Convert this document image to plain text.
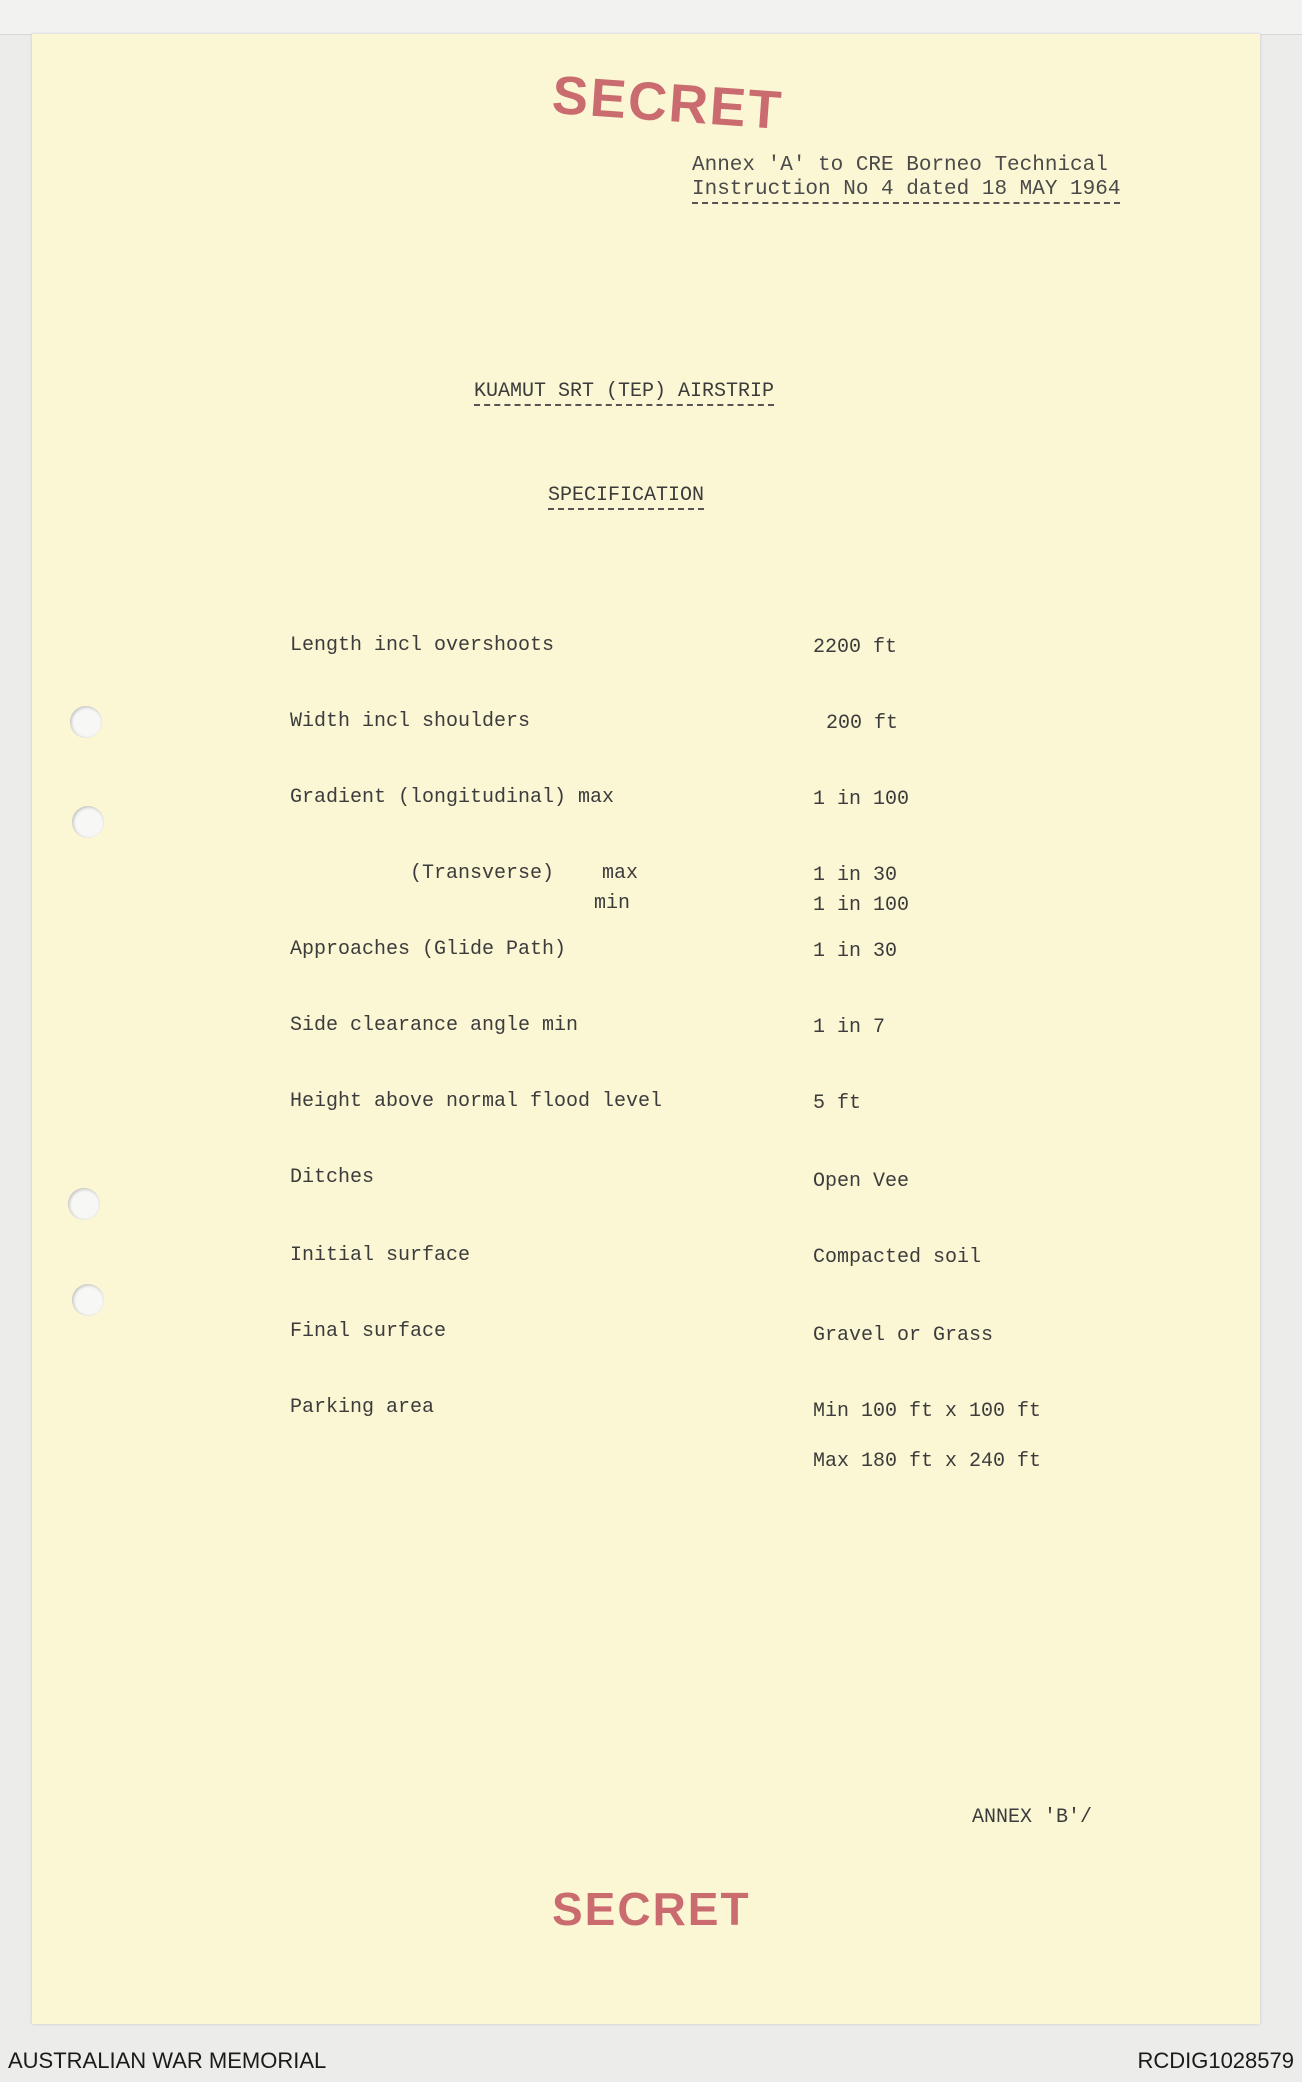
SECRET
Annex 'A' to CRE Borneo Technical
Instruction No 4 dated 18 MAY 1964
KUAMUT SRT (TEP) AIRSTRIP
SPECIFICATION
Length incl overshoots	2200 ft
Width incl shoulders	200 ft
Gradient (longitudinal) max	1 in 100
(Transverse)    max	1 in 30
min	1 in 100
Approaches (Glide Path)	1 in 30
Side clearance angle min	1 in 7
Height above normal flood level	5 ft
Ditches	Open Vee
Initial surface	Compacted soil
Final surface	Gravel or Grass
Parking area	Min 100 ft x 100 ft
Max 180 ft x 240 ft
ANNEX 'B'/
SECRET
AUSTRALIAN WAR MEMORIAL	RCDIG1028579
